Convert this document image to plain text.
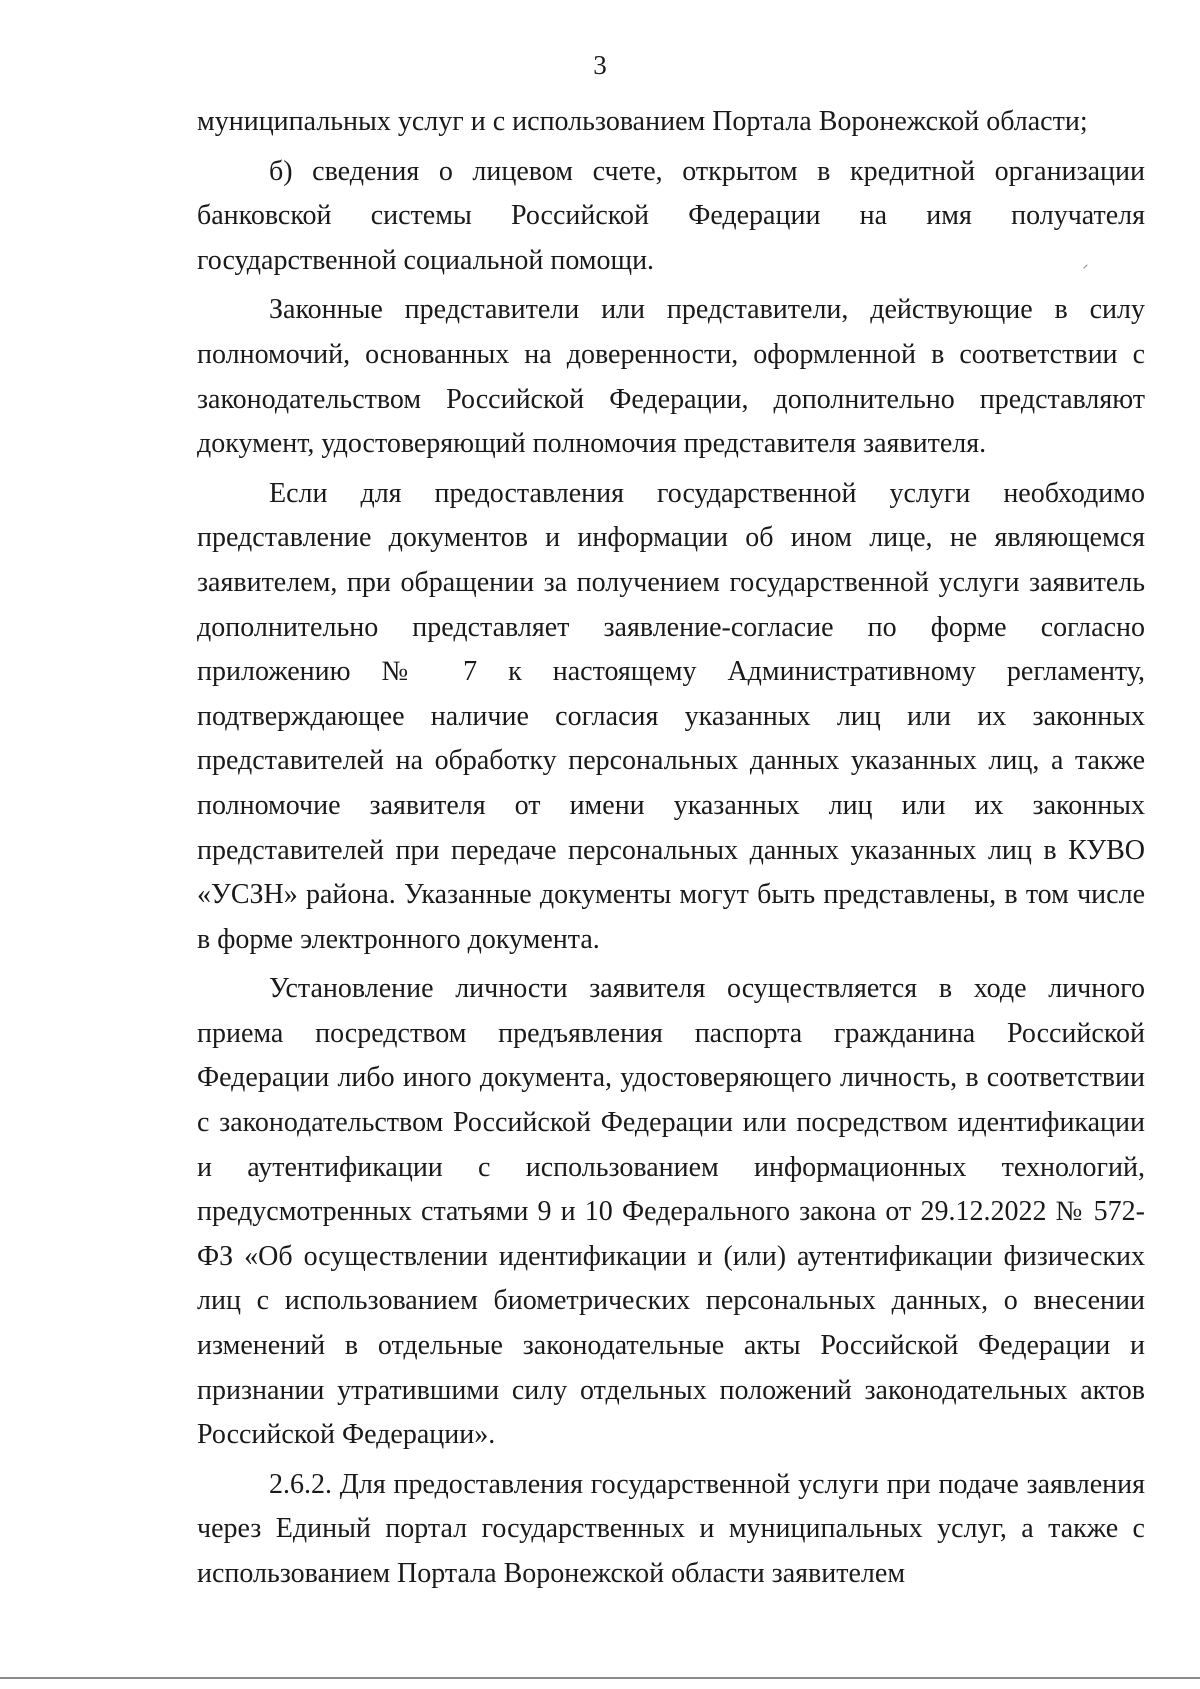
3

муниципальных услуг и с использованием Портала Воронежской области;

б) сведения о лицевом счете, открытом в кредитной организации банковской системы Российской Федерации на имя получателя государственной социальной помощи.

Законные представители или представители, действующие в силу полномочий, основанных на доверенности, оформленной в соответствии с законодательством Российской Федерации, дополнительно представляют документ, удостоверяющий полномочия представителя заявителя.

Если для предоставления государственной услуги необходимо представление документов и информации об ином лице, не являющемся заявителем, при обращении за получением государственной услуги заявитель дополнительно представляет заявление-согласие по форме согласно приложению № 7 к настоящему Административному регламенту, подтверждающее наличие согласия указанных лиц или их законных представителей на обработку персональных данных указанных лиц, а также полномочие заявителя от имени указанных лиц или их законных представителей при передаче персональных данных указанных лиц в КУВО «УСЗН» района. Указанные документы могут быть представлены, в том числе в форме электронного документа.

Установление личности заявителя осуществляется в ходе личного приема посредством предъявления паспорта гражданина Российской Федерации либо иного документа, удостоверяющего личность, в соответствии с законодательством Российской Федерации или посредством идентификации и аутентификации с использованием информационных технологий, предусмотренных статьями 9 и 10 Федерального закона от 29.12.2022 № 572-ФЗ «Об осуществлении идентификации и (или) аутентификации физических лиц с использованием биометрических персональных данных, о внесении изменений в отдельные законодательные акты Российской Федерации и признании утратившими силу отдельных положений законодательных актов Российской Федерации».

2.6.2. Для предоставления государственной услуги при подаче заявления через Единый портал государственных и муниципальных услуг, а также с использованием Портала Воронежской области заявителем
